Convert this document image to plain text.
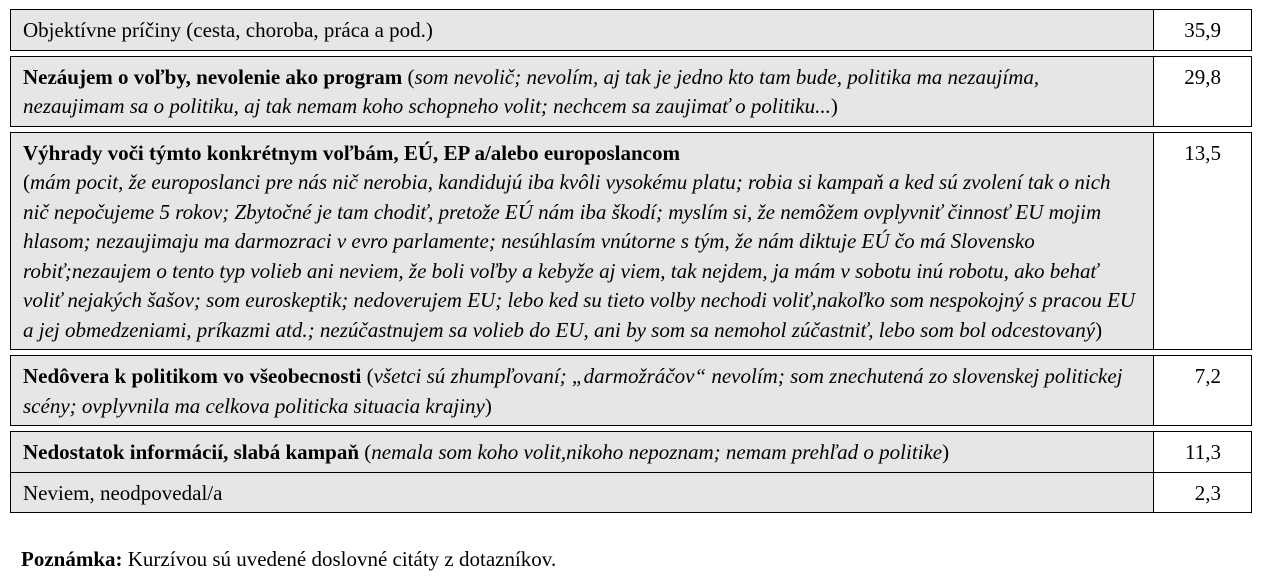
Objektívne príčiny (cesta, choroba, práca a pod.)	35,9

Nezáujem o voľby, nevolenie ako program (som nevolič; nevolím, aj tak je jedno kto tam bude, politika ma nezaujíma, nezaujimam sa o politiku, aj tak nemam koho schopneho volit; nechcem sa zaujimať o politiku...)	29,8

Výhrady voči týmto konkrétnym voľbám, EÚ, EP a/alebo europoslancom
(mám pocit, že europoslanci pre nás nič nerobia, kandidujú iba kvôli vysokému platu; robia si kampaň a ked sú zvolení tak o nich nič nepočujeme 5 rokov; Zbytočné je tam chodiť, pretože EÚ nám iba škodí; myslím si, že nemôžem ovplyvniť činnosť EU mojim hlasom; nezaujimaju ma darmozraci v evro parlamente; nesúhlasím vnútorne s tým, že nám diktuje EÚ čo má Slovensko robiť;nezaujem o tento typ volieb ani neviem, že boli voľby a kebyže aj viem, tak nejdem, ja mám v sobotu inú robotu, ako behať voliť nejakých šašov; som euroskeptik; nedoverujem EU; lebo ked su tieto volby nechodi voliť,nakoľko som nespokojný s pracou EU a jej obmedzeniami, príkazmi atd.; nezúčastnujem sa volieb do EU, ani by som sa nemohol zúčastniť, lebo som bol odcestovaný)	13,5

Nedôvera k politikom vo všeobecnosti (všetci sú zhumpľovaní; „darmožráčov“ nevolím; som znechutená zo slovenskej politickej scény; ovplyvnila ma celkova politicka situacia krajiny)	7,2

Nedostatok informácií, slabá kampaň (nemala som koho volit,nikoho nepoznam; nemam prehľad o politike)	11,3
Neviem, neodpovedal/a	2,3
Poznámka: Kurzívou sú uvedené doslovné citáty z dotazníkov.
